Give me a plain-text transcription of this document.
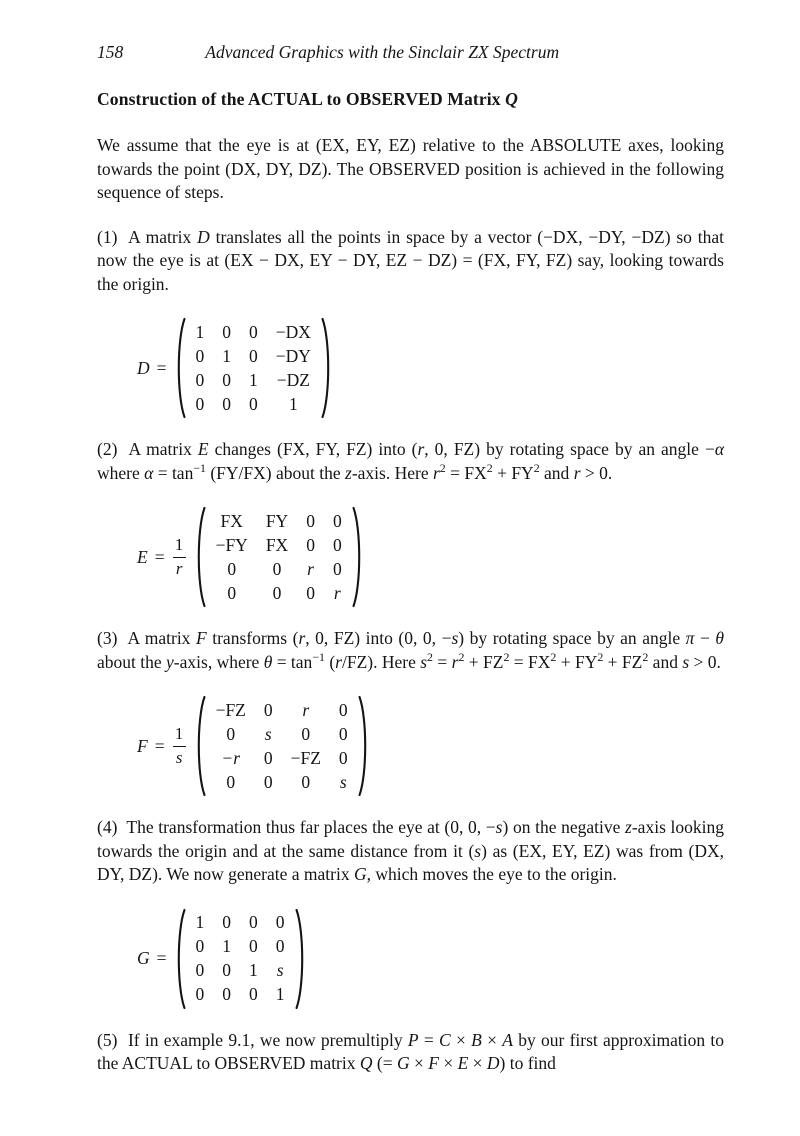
158	Advanced Graphics with the Sinclair ZX Spectrum
Construction of the ACTUAL to OBSERVED Matrix Q

We assume that the eye is at (EX, EY, EZ) relative to the ABSOLUTE axes, looking towards the point (DX, DY, DZ). The OBSERVED position is achieved in the following sequence of steps.

(1)  A matrix D translates all the points in space by a vector (−DX, −DY, −DZ) so that now the eye is at (EX − DX, EY − DY, EZ − DZ) = (FX, FY, FZ) say, looking towards the origin.

D =
1 0 0 −DX
0 1 0 −DY
0 0 1 −DZ
0 0 0 1

(2)  A matrix E changes (FX, FY, FZ) into (r, 0, FZ) by rotating space by an angle −α where $\alpha = \tan^{-1} (FY/FX)$ about the z-axis. Here $r^2 = FX^2 + FY^2$ and r > 0.

$E = \frac{1}{r}$
FX FY 0 0
−FY FX 0 0
0 0 r 0
0 0 0 r

(3)  A matrix F transforms (r, 0, FZ) into (0, 0, −s) by rotating space by an angle π − θ about the y-axis, where $\theta = \tan^{-1} (r/FZ)$. Here $s^2 = r^2 + FZ^2 = FX^2 + FY^2 + FZ^2$ and s > 0.

$F = \frac{1}{s}$
−FZ 0 r 0
0 s 0 0
−r 0 −FZ 0
0 0 0 s

(4)  The transformation thus far places the eye at (0, 0, −s) on the negative z-axis looking towards the origin and at the same distance from it (s) as (EX, EY, EZ) was from (DX, DY, DZ). We now generate a matrix G, which moves the eye to the origin.

G =
1 0 0 0
0 1 0 0
0 0 1 s
0 0 0 1

(5)  If in example 9.1, we now premultiply P = C × B × A by our first approximation to the ACTUAL to OBSERVED matrix Q (= G × F × E × D) to find
